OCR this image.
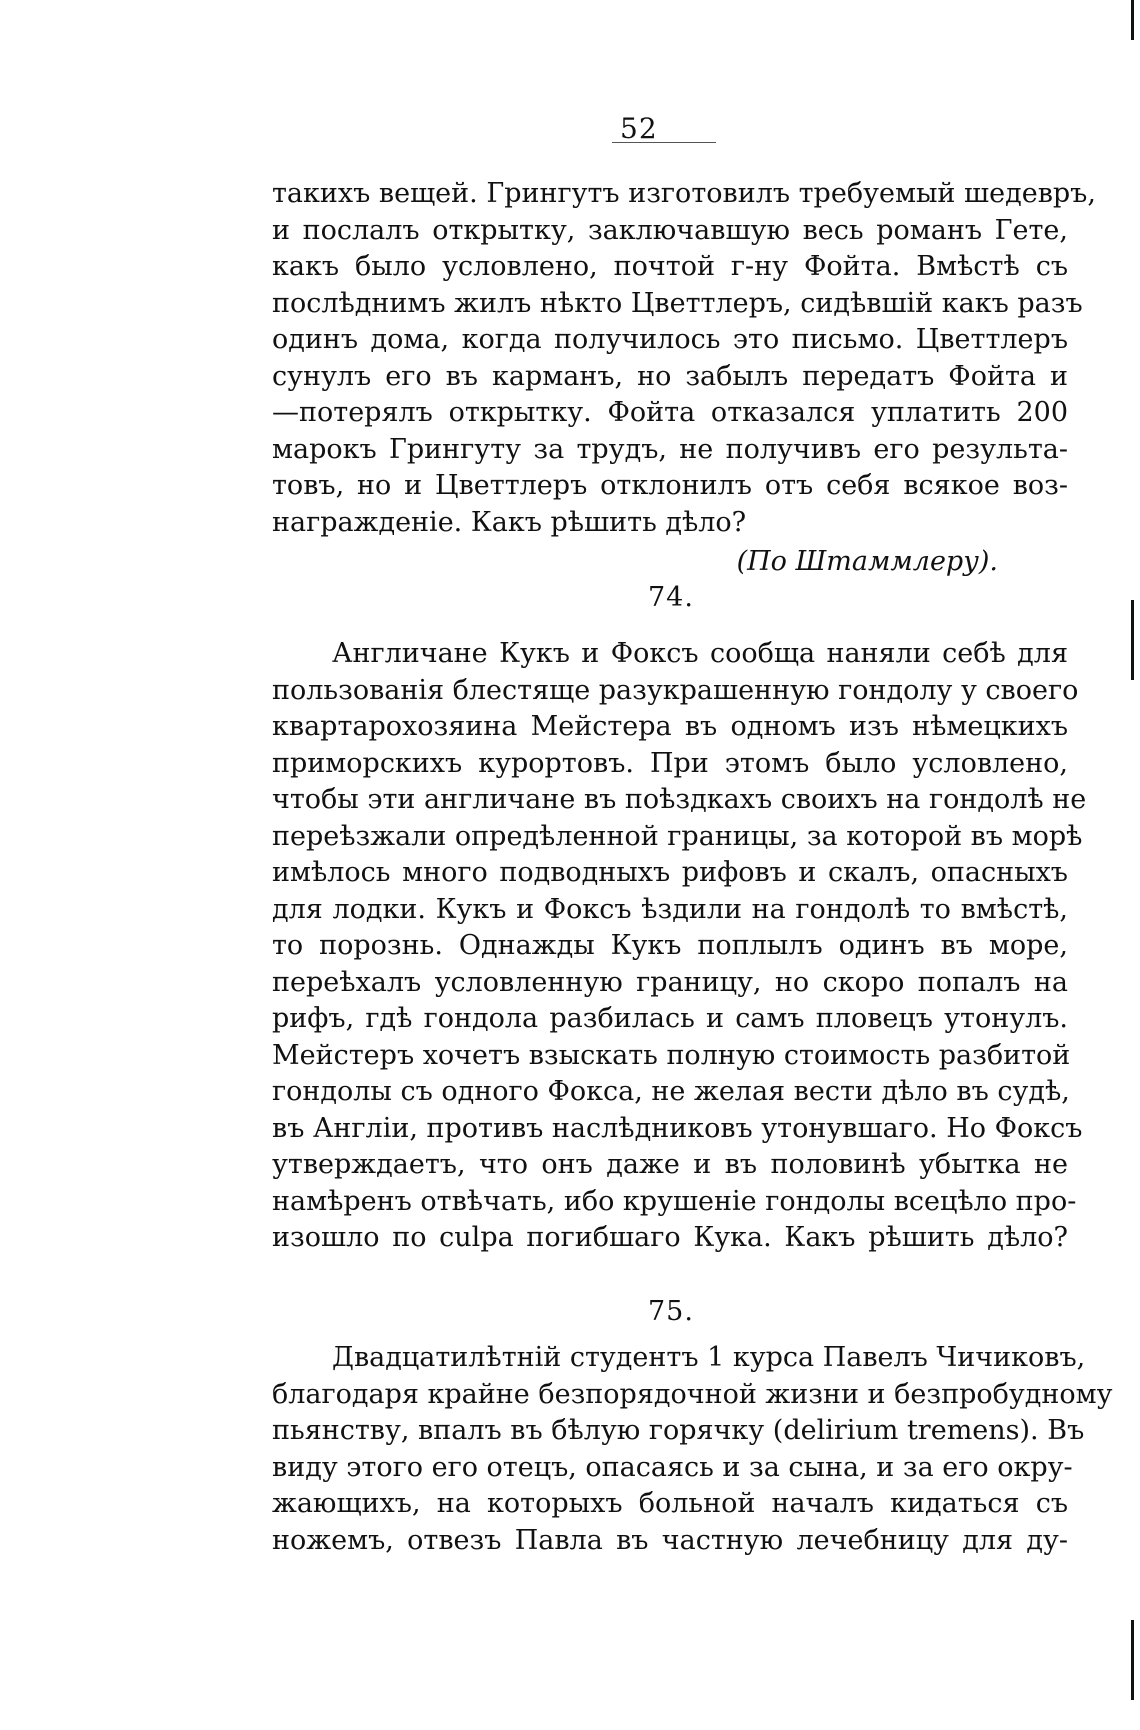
52
такихъ вещей. Грингутъ изготовилъ требуемый шедевръ,
и послалъ открытку, заключавшую весь романъ Гете,
какъ было условлено, почтой г-ну Фойта. Вмѣстѣ съ
послѣднимъ жилъ нѣкто Цветтлеръ, сидѣвшій какъ разъ
одинъ дома, когда получилось это письмо. Цветтлеръ
сунулъ его въ карманъ, но забылъ передатъ Фойта и
—потерялъ открытку. Фойта отказался уплатить 200
марокъ Грингуту за трудъ, не получивъ его результа-
товъ, но и Цветтлеръ отклонилъ отъ себя всякое воз-
награжденіе. Какъ рѣшить дѣло?
(По Штаммлеру).
74.
Англичане Кукъ и Фоксъ сообща наняли себѣ для
пользованія блестяще разукрашенную гондолу у своего
квартарохозяина Мейстера въ одномъ изъ нѣмецкихъ
приморскихъ курортовъ. При этомъ было условлено,
чтобы эти англичане въ поѣздкахъ своихъ на гондолѣ не
переѣзжали опредѣленной границы, за которой въ морѣ
имѣлось много подводныхъ рифовъ и скалъ, опасныхъ
для лодки. Кукъ и Фоксъ ѣздили на гондолѣ то вмѣстѣ,
то порознь. Однажды Кукъ поплылъ одинъ въ море,
переѣхалъ условленную границу, но скоро попалъ на
рифъ, гдѣ гондола разбилась и самъ пловецъ утонулъ.
Мейстеръ хочетъ взыскать полную стоимость разбитой
гондолы съ одного Фокса, не желая вести дѣло въ судѣ,
въ Англіи, противъ наслѣдниковъ утонувшаго. Но Фоксъ
утверждаетъ, что онъ даже и въ половинѣ убытка не
намѣренъ отвѣчать, ибо крушеніе гондолы всецѣло про-
изошло по culpa погибшаго Кука. Какъ рѣшить дѣло?
75.
Двадцатилѣтній студентъ 1 курса Павелъ Чичиковъ,
благодаря крайне безпорядочной жизни и безпробудному
пьянству, впалъ въ бѣлую горячку (delirium tremens). Въ
виду этого его отецъ, опасаясь и за сына, и за его окру-
жающихъ, на которыхъ больной началъ кидаться съ
ножемъ, отвезъ Павла въ частную лечебницу для ду-
